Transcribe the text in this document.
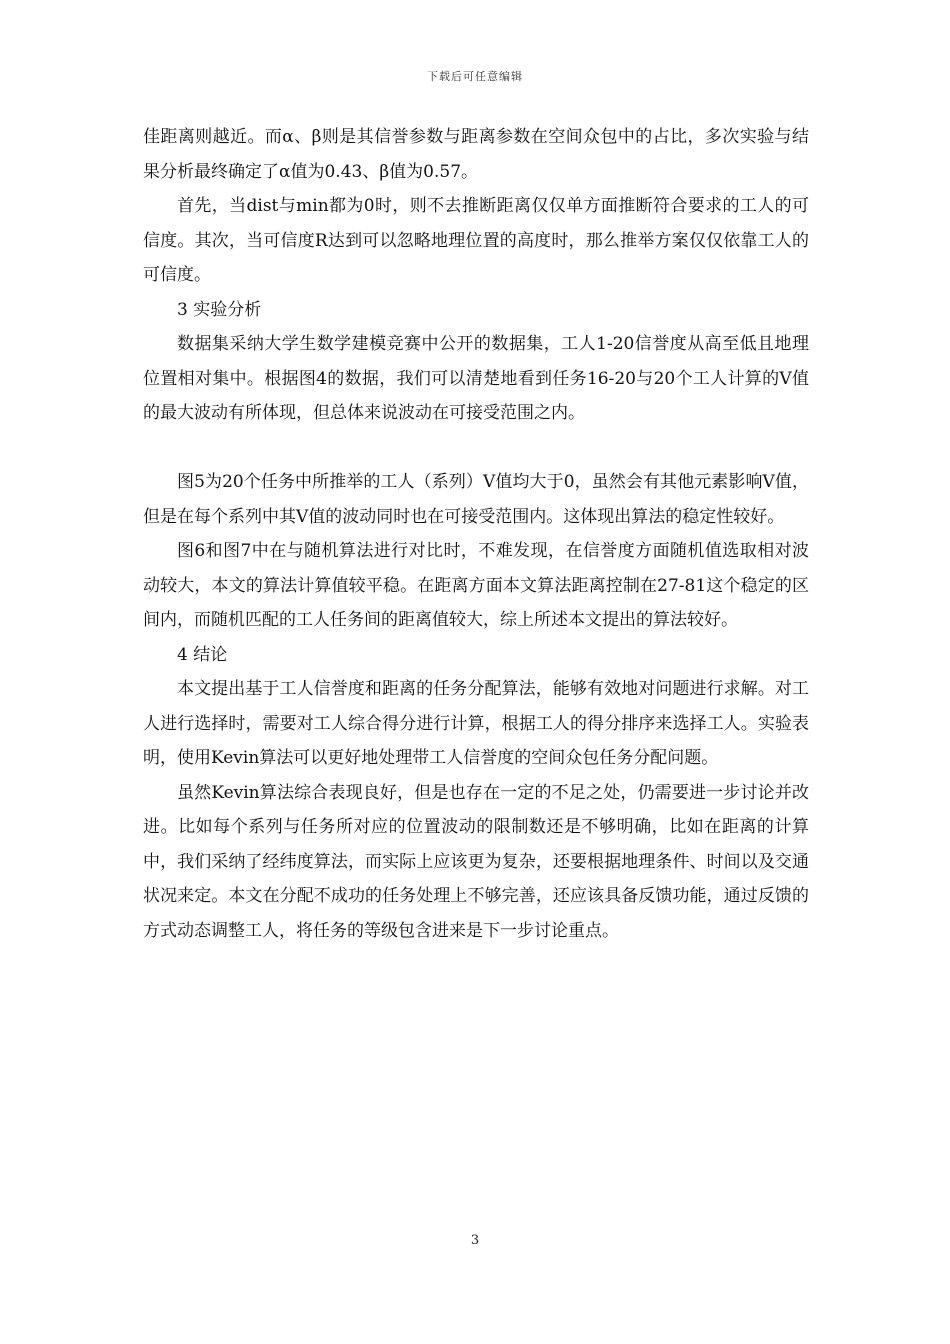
下载后可任意编辑

佳距离则越近。而α、β则是其信誉参数与距离参数在空间众包中的占比，多次实验与结果分析最终确定了α值为0.43、β值为0.57。

首先，当dist与min都为0时，则不去推断距离仅仅单方面推断符合要求的工人的可信度。其次，当可信度R达到可以忽略地理位置的高度时，那么推举方案仅仅依靠工人的可信度。

3 实验分析

数据集采纳大学生数学建模竞赛中公开的数据集，工人1-20信誉度从高至低且地理位置相对集中。根据图4的数据，我们可以清楚地看到任务16-20与20个工人计算的V值的最大波动有所体现，但总体来说波动在可接受范围之内。

图5为20个任务中所推举的工人（系列）V值均大于0，虽然会有其他元素影响V值，但是在每个系列中其V值的波动同时也在可接受范围内。这体现出算法的稳定性较好。

图6和图7中在与随机算法进行对比时，不难发现，在信誉度方面随机值选取相对波动较大，本文的算法计算值较平稳。在距离方面本文算法距离控制在27-81这个稳定的区间内，而随机匹配的工人任务间的距离值较大，综上所述本文提出的算法较好。

4 结论

本文提出基于工人信誉度和距离的任务分配算法，能够有效地对问题进行求解。对工人进行选择时，需要对工人综合得分进行计算，根据工人的得分排序来选择工人。实验表明，使用Kevin算法可以更好地处理带工人信誉度的空间众包任务分配问题。

虽然Kevin算法综合表现良好，但是也存在一定的不足之处，仍需要进一步讨论并改进。比如每个系列与任务所对应的位置波动的限制数还是不够明确，比如在距离的计算中，我们采纳了经纬度算法，而实际上应该更为复杂，还要根据地理条件、时间以及交通状况来定。本文在分配不成功的任务处理上不够完善，还应该具备反馈功能，通过反馈的方式动态调整工人，将任务的等级包含进来是下一步讨论重点。

3
